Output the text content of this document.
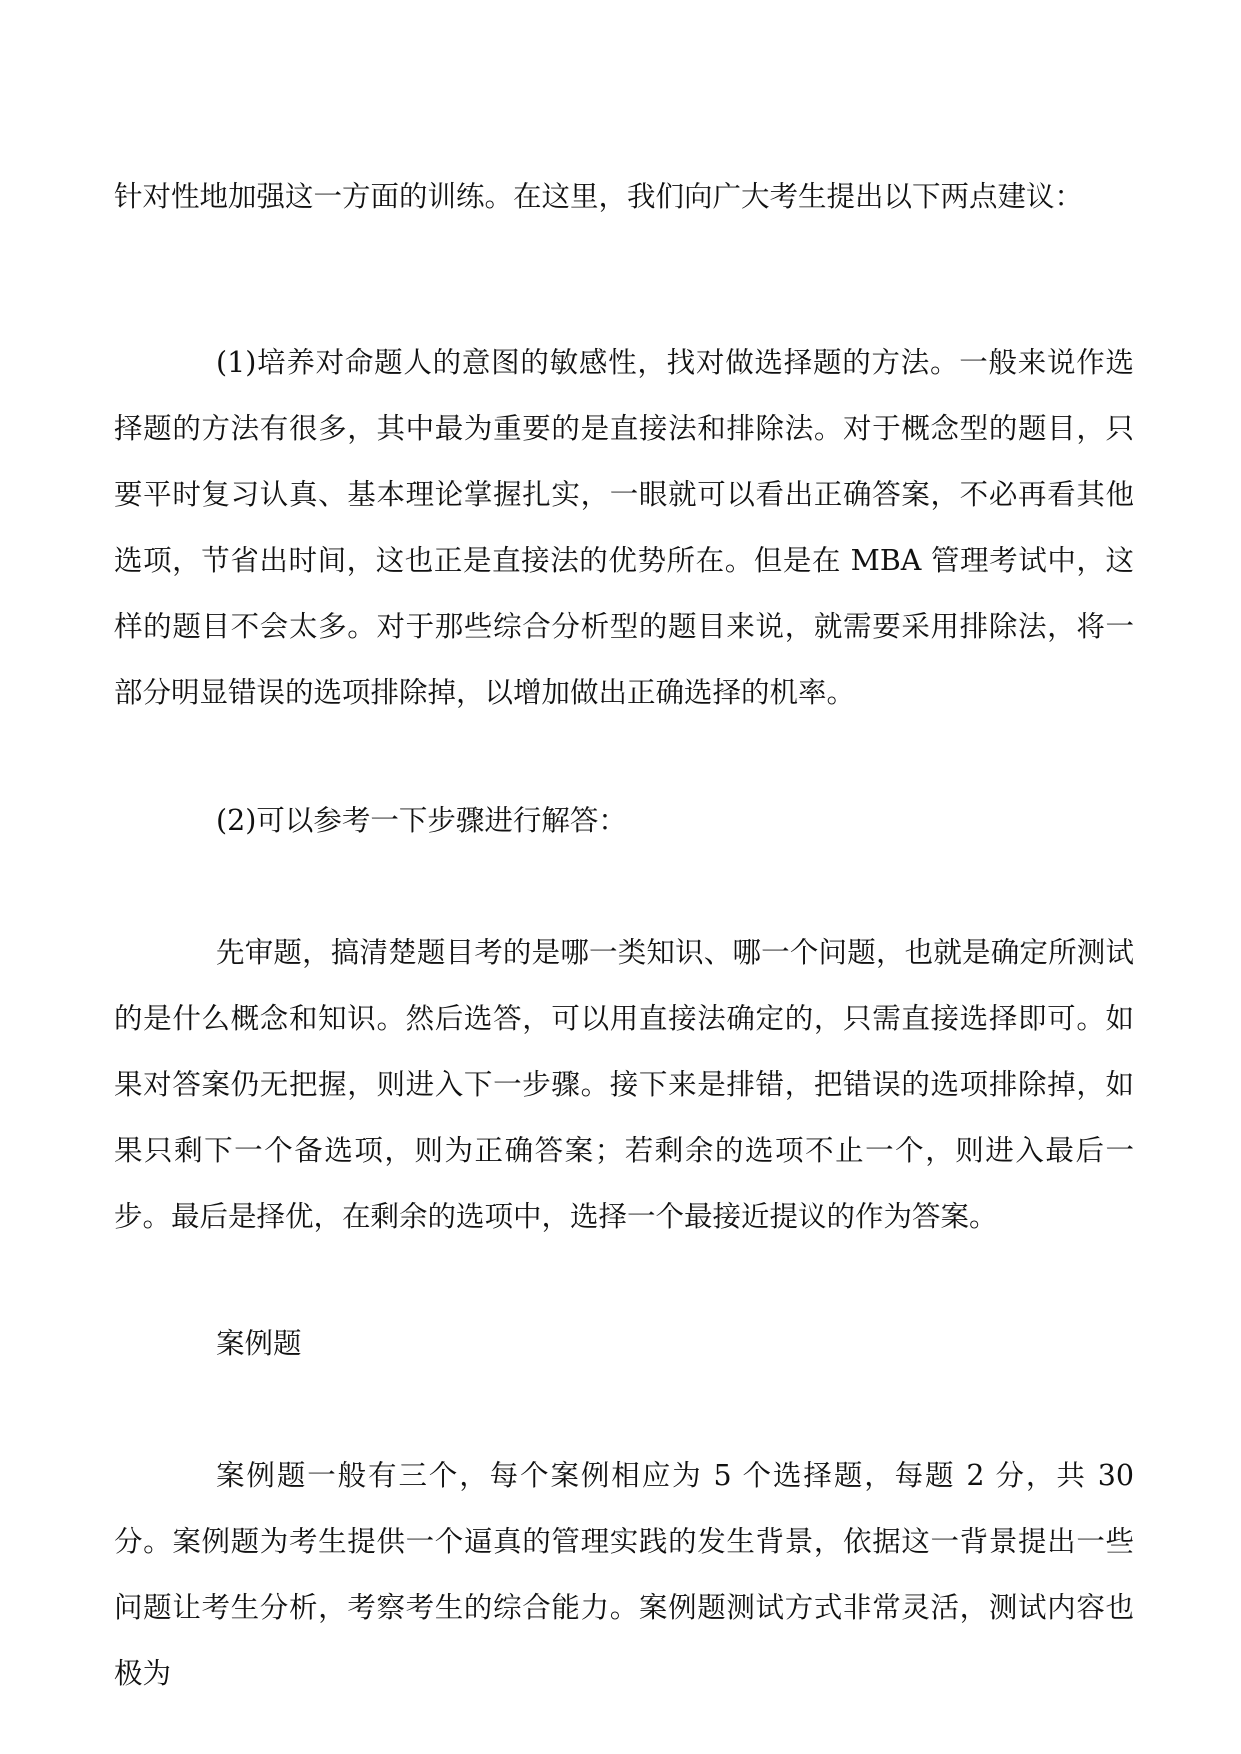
针对性地加强这一方面的训练。在这里，我们向广大考生提出以下两点建议：

(1)培养对命题人的意图的敏感性，找对做选择题的方法。一般来说作选择题的方法有很多，其中最为重要的是直接法和排除法。对于概念型的题目，只要平时复习认真、基本理论掌握扎实，一眼就可以看出正确答案，不必再看其他选项，节省出时间，这也正是直接法的优势所在。但是在 MBA 管理考试中，这样的题目不会太多。对于那些综合分析型的题目来说，就需要采用排除法，将一部分明显错误的选项排除掉，以增加做出正确选择的机率。

(2)可以参考一下步骤进行解答：

先审题，搞清楚题目考的是哪一类知识、哪一个问题，也就是确定所测试的是什么概念和知识。然后选答，可以用直接法确定的，只需直接选择即可。如果对答案仍无把握，则进入下一步骤。接下来是排错，把错误的选项排除掉，如果只剩下一个备选项，则为正确答案；若剩余的选项不止一个，则进入最后一步。最后是择优，在剩余的选项中，选择一个最接近提议的作为答案。

案例题

案例题一般有三个，每个案例相应为 5 个选择题，每题 2 分，共 30 分。案例题为考生提供一个逼真的管理实践的发生背景，依据这一背景提出一些问题让考生分析，考察考生的综合能力。案例题测试方式非常灵活，测试内容也极为
